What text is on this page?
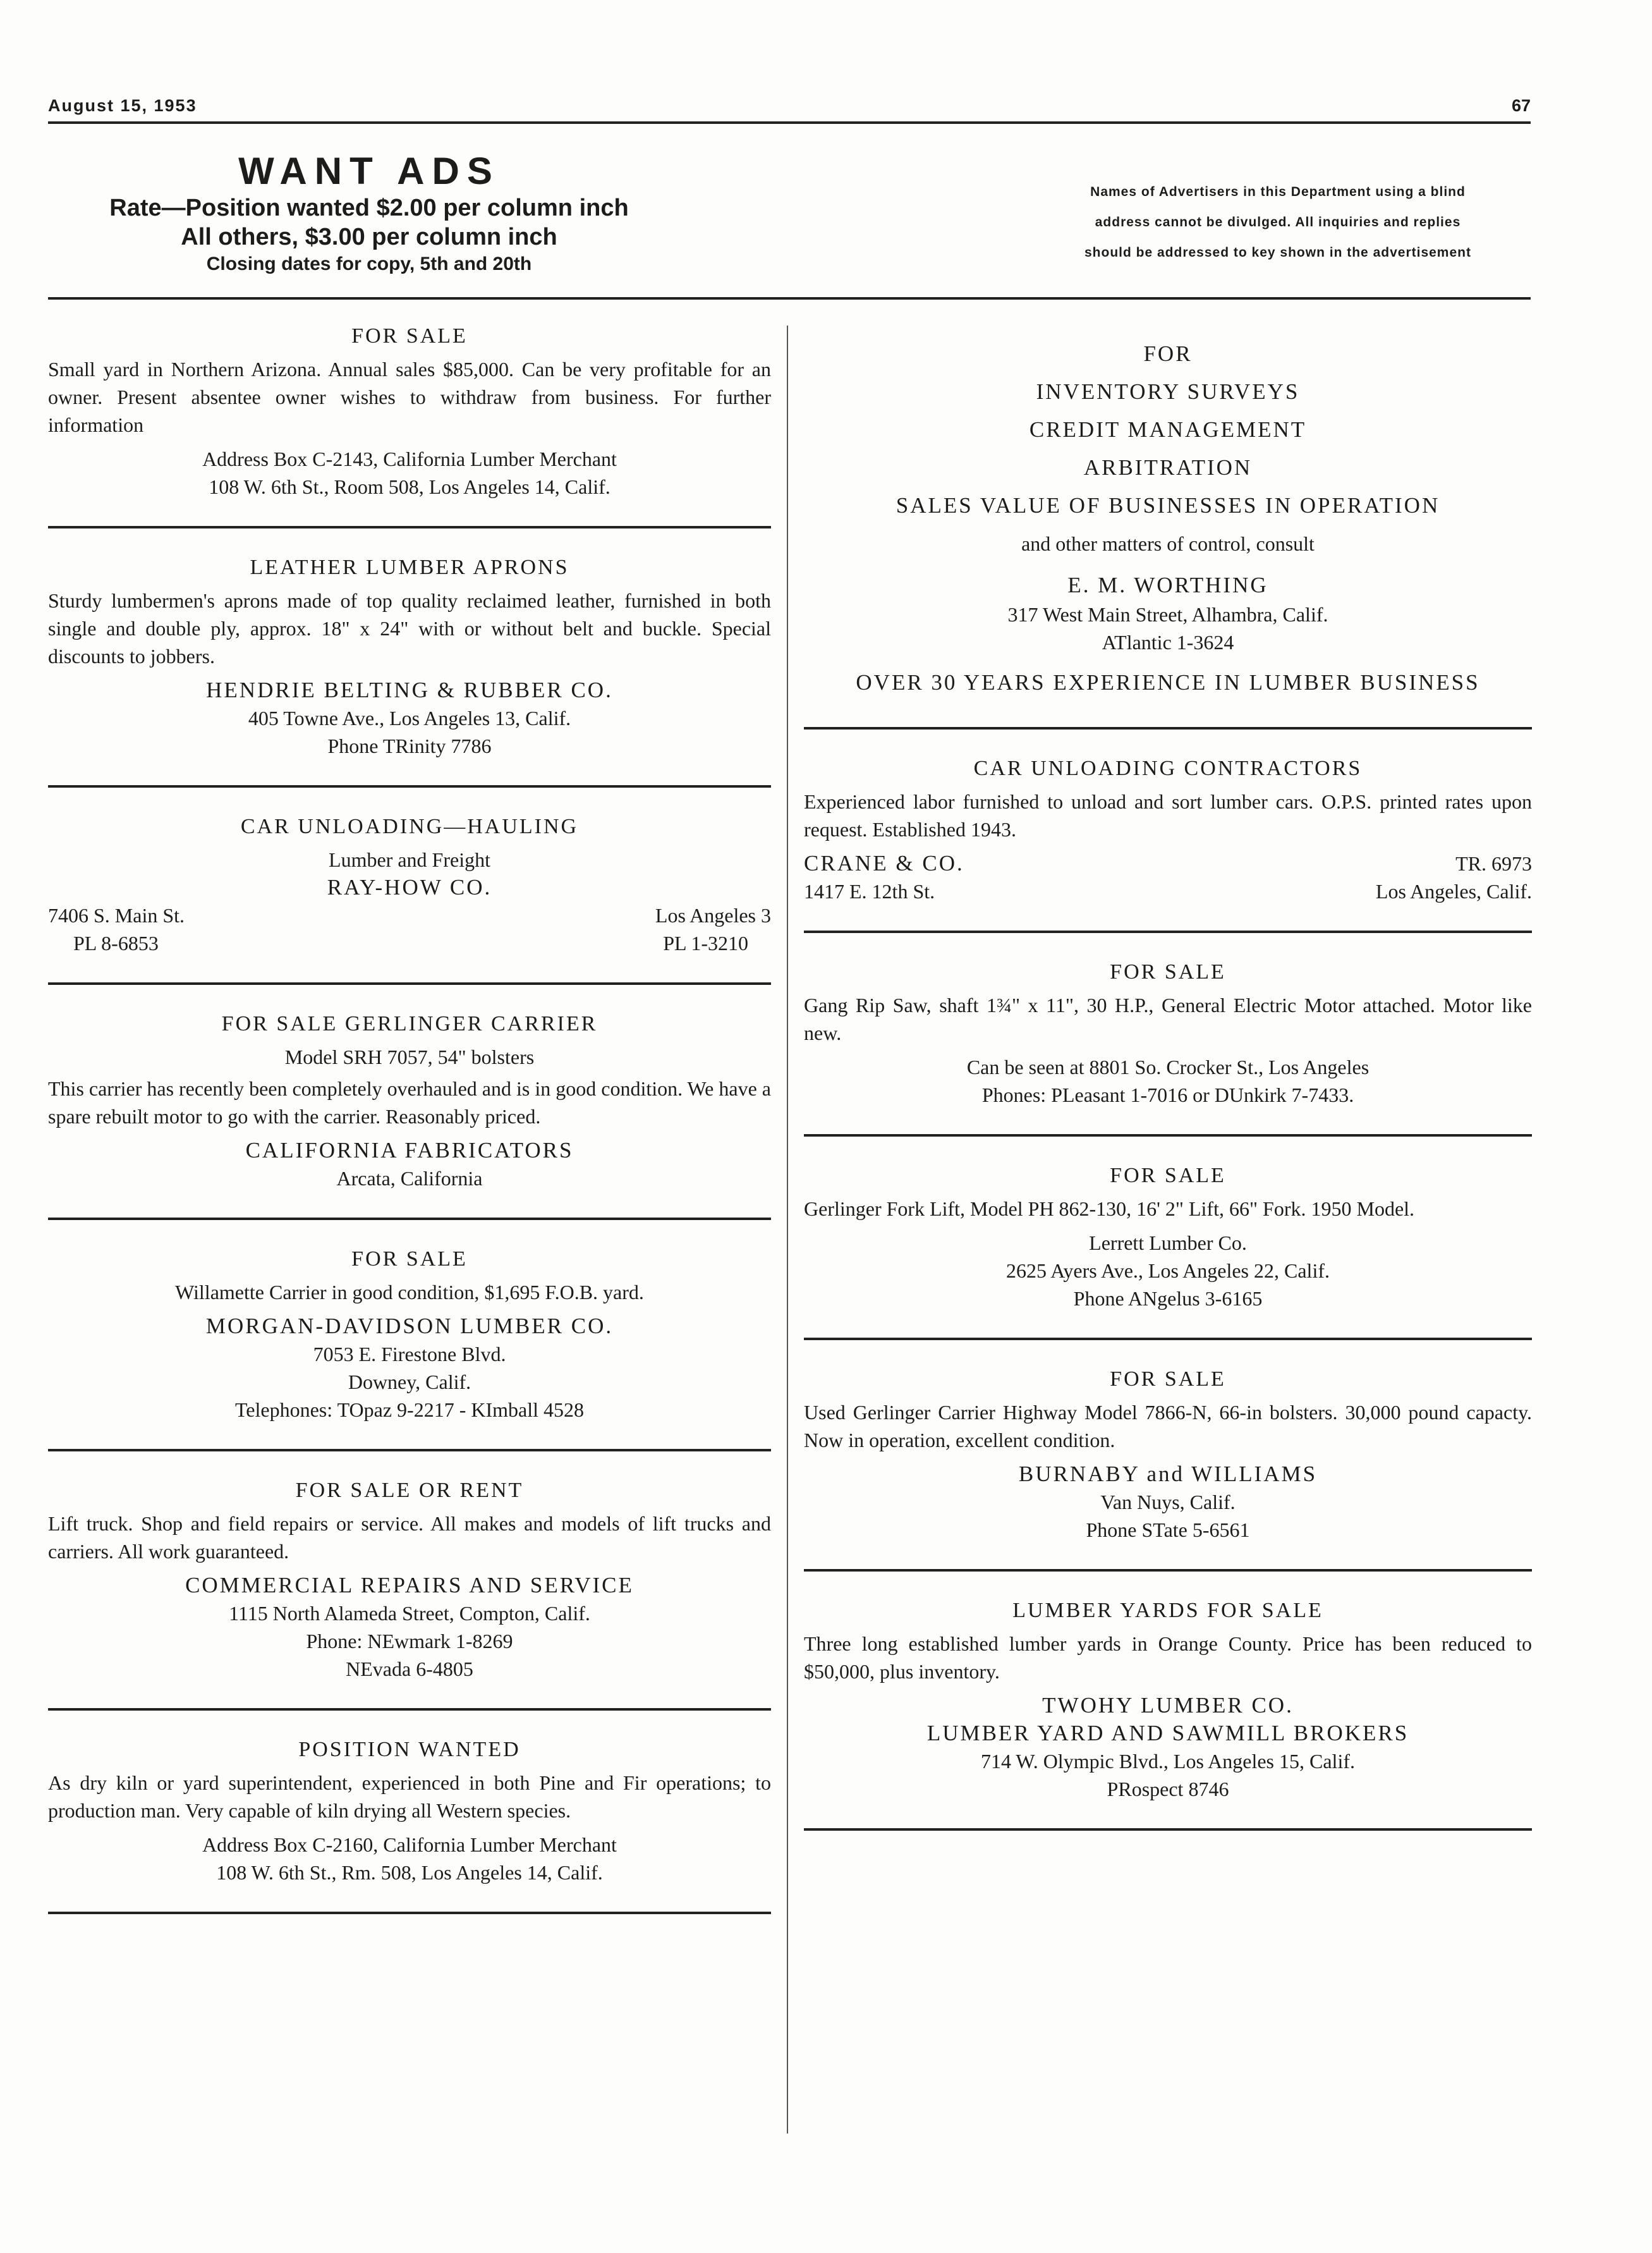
August 15, 1953	67
WANT ADS
Rate—Position wanted $2.00 per column inch
All others, $3.00 per column inch
Closing dates for copy, 5th and 20th
Names of Advertisers in this Department using a blind
address cannot be divulged. All inquiries and replies
should be addressed to key shown in the advertisement
FOR SALE

Small yard in Northern Arizona. Annual sales $85,000. Can be very profitable for an owner. Present absentee owner wishes to withdraw from business. For further information

Address Box C-2143, California Lumber Merchant

108 W. 6th St., Room 508, Los Angeles 14, Calif.

LEATHER LUMBER APRONS

Sturdy lumbermen's aprons made of top quality reclaimed leather, furnished in both single and double ply, approx. 18" x 24" with or without belt and buckle. Special discounts to jobbers.

HENDRIE BELTING & RUBBER CO.

405 Towne Ave., Los Angeles 13, Calif.

Phone TRinity 7786

CAR UNLOADING—HAULING

Lumber and Freight

RAY-HOW CO.

7406 S. Main St.	Los Angeles 3
PL 8-6853	PL 1-3210
FOR SALE GERLINGER CARRIER

Model SRH 7057, 54" bolsters

This carrier has recently been completely overhauled and is in good condition. We have a spare rebuilt motor to go with the carrier. Reasonably priced.

CALIFORNIA FABRICATORS

Arcata, California

FOR SALE

Willamette Carrier in good condition, $1,695 F.O.B. yard.

MORGAN-DAVIDSON LUMBER CO.

7053 E. Firestone Blvd.

Downey, Calif.

Telephones: TOpaz 9-2217 - KImball 4528

FOR SALE OR RENT

Lift truck. Shop and field repairs or service. All makes and models of lift trucks and carriers. All work guaranteed.

COMMERCIAL REPAIRS AND SERVICE

1115 North Alameda Street, Compton, Calif.

Phone: NEwmark 1-8269

NEvada 6-4805

POSITION WANTED

As dry kiln or yard superintendent, experienced in both Pine and Fir operations; to production man. Very capable of kiln drying all Western species.

Address Box C-2160, California Lumber Merchant

108 W. 6th St., Rm. 508, Los Angeles 14, Calif.

FOR

INVENTORY SURVEYS

CREDIT MANAGEMENT

ARBITRATION

SALES VALUE OF BUSINESSES IN OPERATION

and other matters of control, consult

E. M. WORTHING

317 West Main Street, Alhambra, Calif.

ATlantic 1-3624

OVER 30 YEARS EXPERIENCE IN LUMBER BUSINESS

CAR UNLOADING CONTRACTORS

Experienced labor furnished to unload and sort lumber cars. O.P.S. printed rates upon request. Established 1943.

CRANE & CO.	TR. 6973
1417 E. 12th St.	Los Angeles, Calif.
FOR SALE

Gang Rip Saw, shaft 1¾" x 11", 30 H.P., General Electric Motor attached. Motor like new.

Can be seen at 8801 So. Crocker St., Los Angeles

Phones: PLeasant 1-7016 or DUnkirk 7-7433.

FOR SALE

Gerlinger Fork Lift, Model PH 862-130, 16' 2" Lift, 66" Fork. 1950 Model.

Lerrett Lumber Co.

2625 Ayers Ave., Los Angeles 22, Calif.

Phone ANgelus 3-6165

FOR SALE

Used Gerlinger Carrier Highway Model 7866-N, 66-in bolsters. 30,000 pound capacty. Now in operation, excellent condition.

BURNABY and WILLIAMS

Van Nuys, Calif.

Phone STate 5-6561

LUMBER YARDS FOR SALE

Three long established lumber yards in Orange County. Price has been reduced to $50,000, plus inventory.

TWOHY LUMBER CO.

LUMBER YARD AND SAWMILL BROKERS

714 W. Olympic Blvd., Los Angeles 15, Calif.

PRospect 8746
